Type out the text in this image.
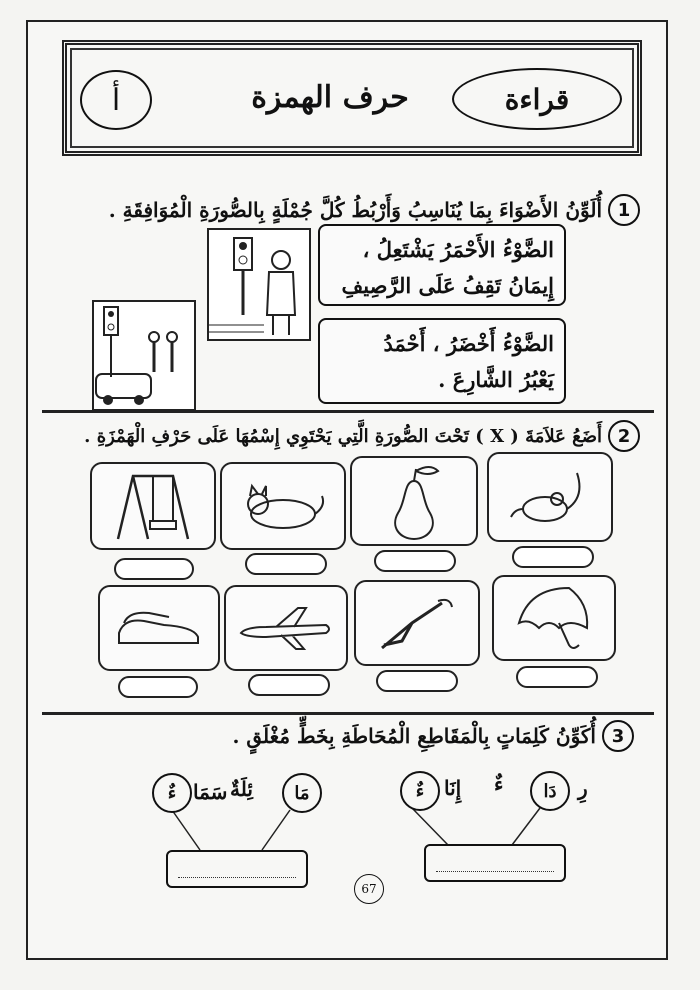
قراءة
حرف الهمزة
أ
1
أُلَوِّنُ الأَضْوَاءَ بِمَا يُنَاسِبُ وَأَرْبُطُ كُلَّ جُمْلَةٍ بِالصُّورَةِ الْمُوَافِقَةِ .
الضَّوْءُ الأَحْمَرُ يَشْتَعِلُ ،
إِيمَانُ تَقِفُ عَلَى الرَّصِيفِ
الضَّوْءُ أَخْضَرُ ، أَحْمَدُ
يَعْبُرُ الشَّارِعَ .
2
أَضَعُ عَلاَمَةَ ( X ) تَحْتَ الصُّورَةِ الَّتِي يَحْتَوِي إِسْمُهَا عَلَى حَرْفِ الْهَمْزَةِ .
3
أُكَوِّنُ كَلِمَاتٍ بِالْمَقَاطِعِ الْمُحَاطَةِ بِخَطٍّ مُغْلَقٍ .
رِ
دَا
ءٌ
إِنَا
ءٌ
مَا
ئِلَةٌ
سَمَا
ءٌ
67
